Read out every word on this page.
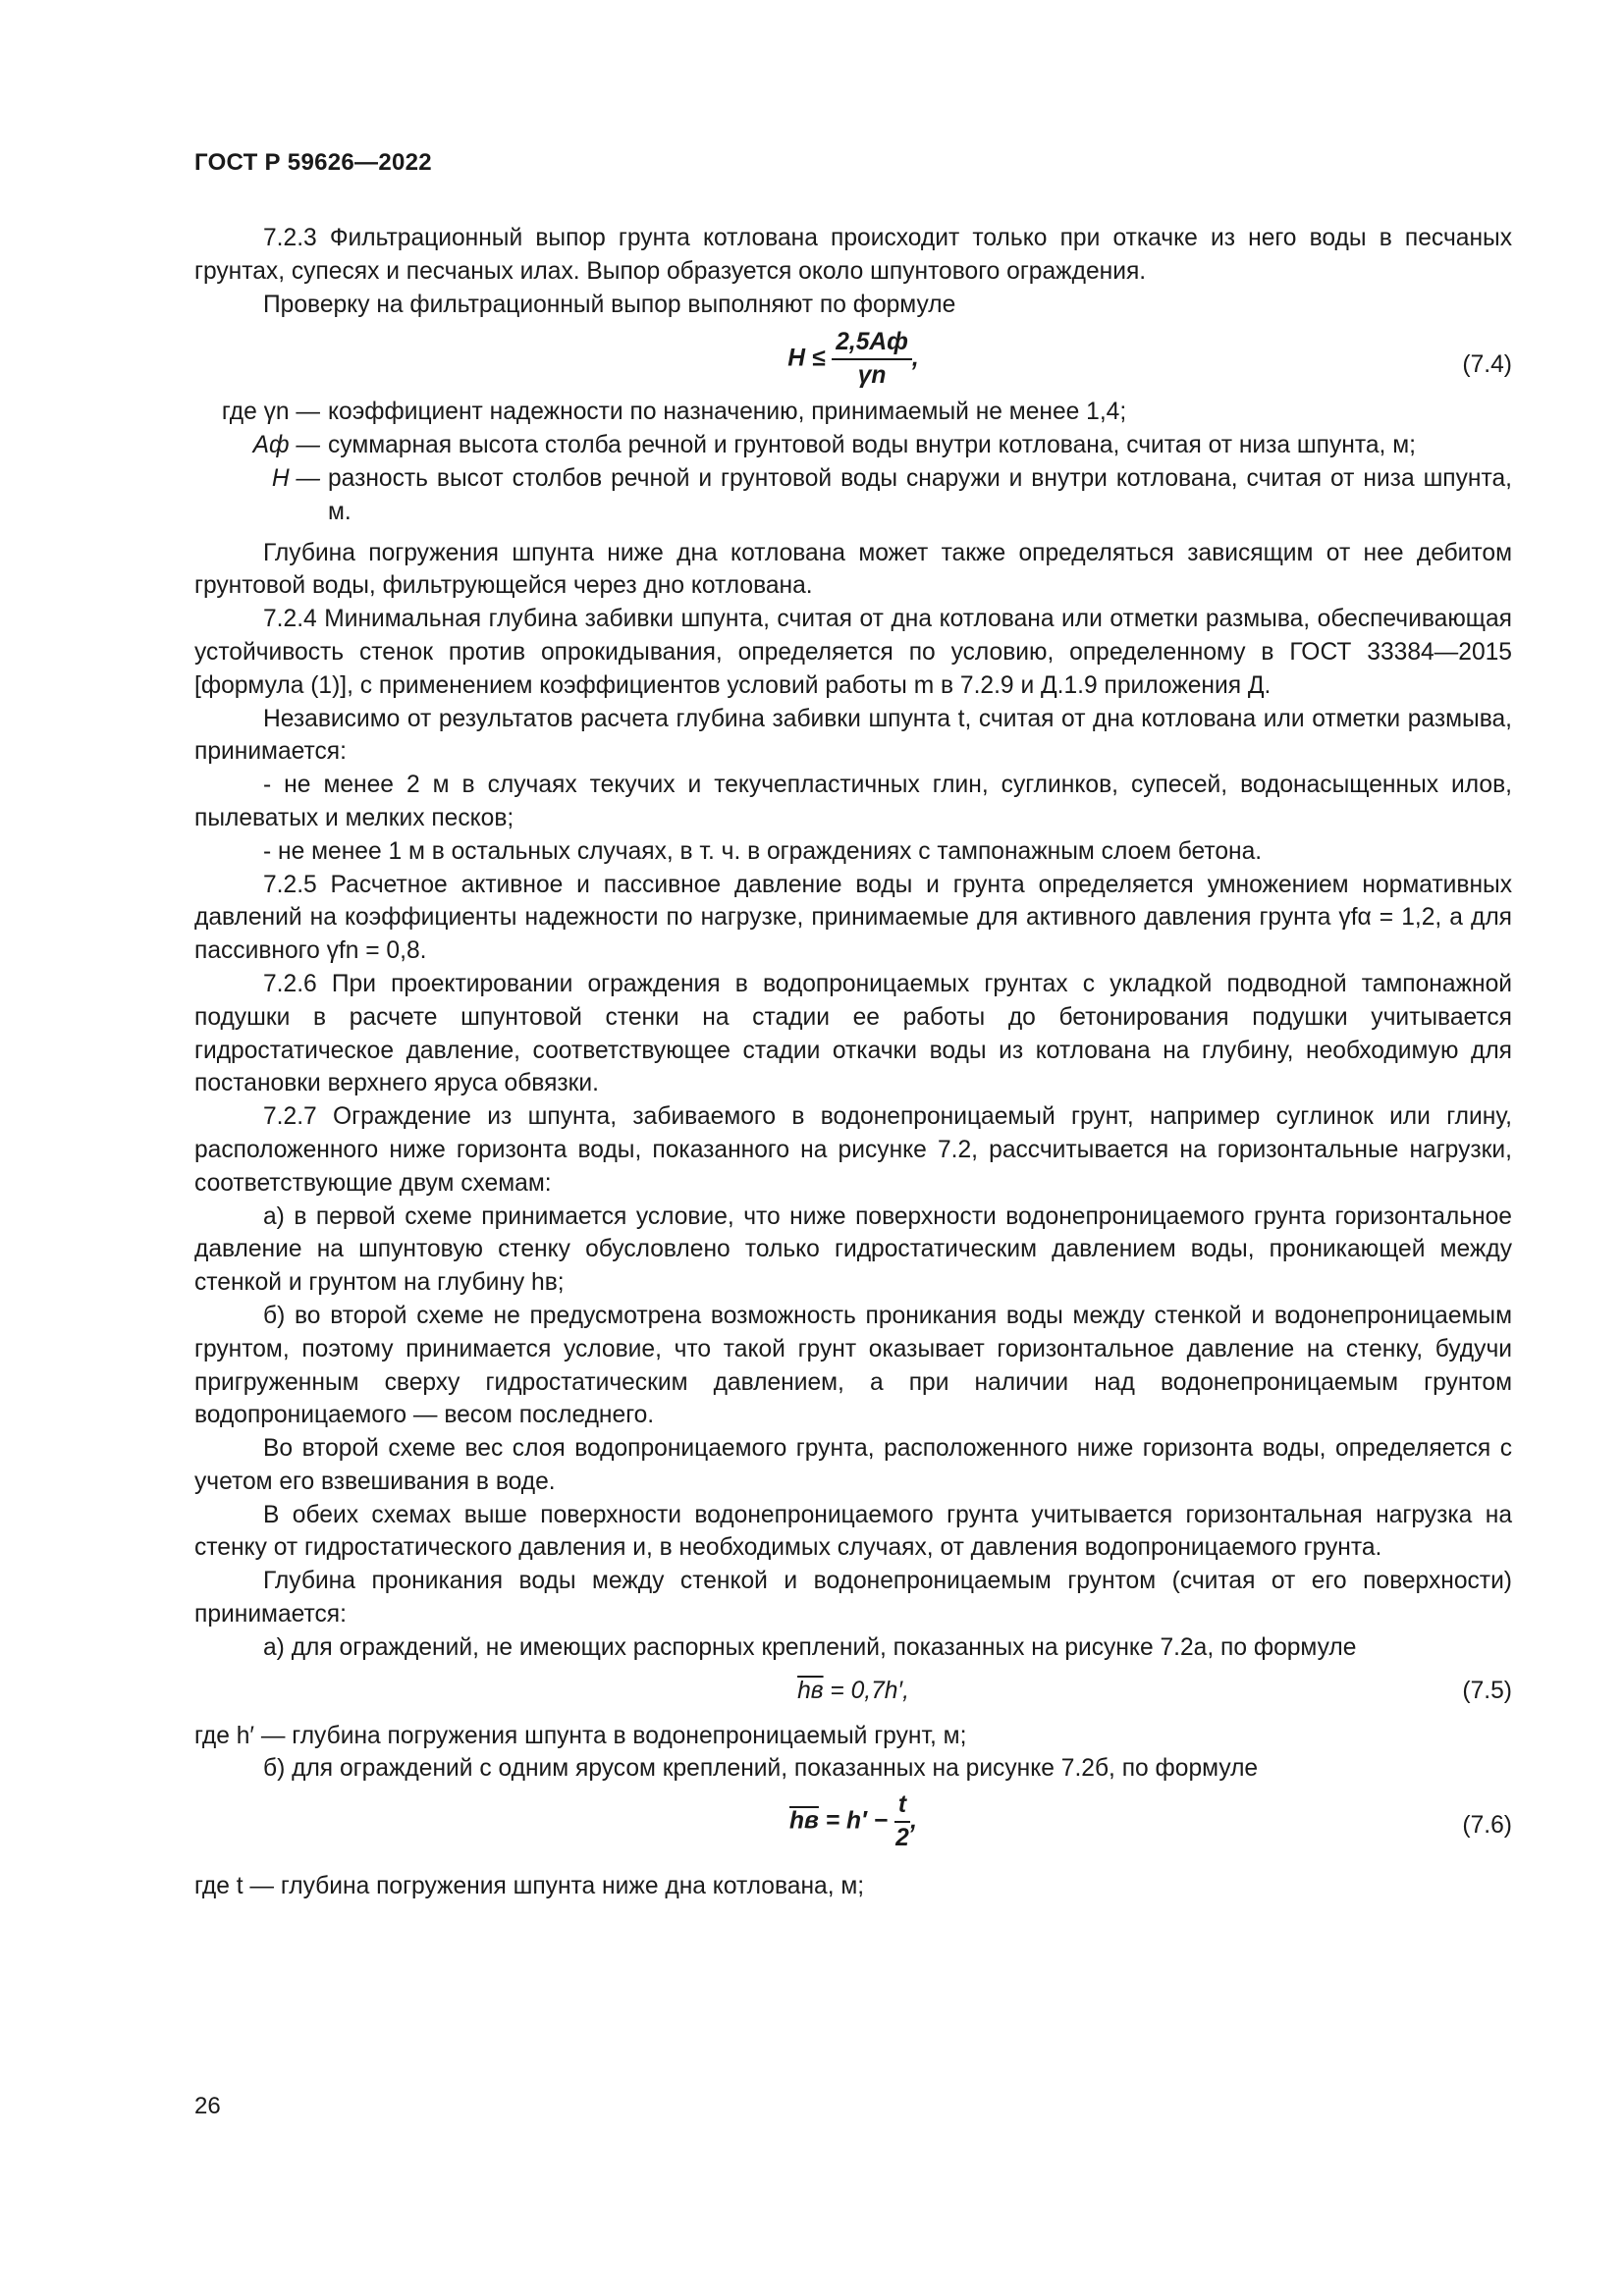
ГОСТ Р 59626—2022

7.2.3 Фильтрационный выпор грунта котлована происходит только при откачке из него воды в песчаных грунтах, супесях и песчаных илах. Выпор образуется около шпунтового ограждения.

Проверку на фильтрационный выпор выполняют по формуле

$H \le \frac{2,5Aф}{\gamma n}$ ,	(7.4)
где γn — коэффициент надежности по назначению, принимаемый не менее 1,4;
Aф — суммарная высота столба речной и грунтовой воды внутри котлована, считая от низа шпунта, м;
H — разность высот столбов речной и грунтовой воды снаружи и внутри котлована, считая от низа шпунта, м.

Глубина погружения шпунта ниже дна котлована может также определяться зависящим от нее дебитом грунтовой воды, фильтрующейся через дно котлована.

7.2.4 Минимальная глубина забивки шпунта, считая от дна котлована или отметки размыва, обеспечивающая устойчивость стенок против опрокидывания, определяется по условию, определенному в ГОСТ 33384—2015 [формула (1)], с применением коэффициентов условий работы m в 7.2.9 и Д.1.9 приложения Д.

Независимо от результатов расчета глубина забивки шпунта t, считая от дна котлована или отметки размыва, принимается:

- не менее 2 м в случаях текучих и текучепластичных глин, суглинков, супесей, водонасыщенных илов, пылеватых и мелких песков;

- не менее 1 м в остальных случаях, в т. ч. в ограждениях с тампонажным слоем бетона.

7.2.5 Расчетное активное и пассивное давление воды и грунта определяется умножением нормативных давлений на коэффициенты надежности по нагрузке, принимаемые для активного давления грунта γfα = 1,2, а для пассивного γfn = 0,8.

7.2.6 При проектировании ограждения в водопроницаемых грунтах с укладкой подводной тампонажной подушки в расчете шпунтовой стенки на стадии ее работы до бетонирования подушки учитывается гидростатическое давление, соответствующее стадии откачки воды из котлована на глубину, необходимую для постановки верхнего яруса обвязки.

7.2.7 Ограждение из шпунта, забиваемого в водонепроницаемый грунт, например суглинок или глину, расположенного ниже горизонта воды, показанного на рисунке 7.2, рассчитывается на горизонтальные нагрузки, соответствующие двум схемам:

а) в первой схеме принимается условие, что ниже поверхности водонепроницаемого грунта горизонтальное давление на шпунтовую стенку обусловлено только гидростатическим давлением воды, проникающей между стенкой и грунтом на глубину hв;

б) во второй схеме не предусмотрена возможность проникания воды между стенкой и водонепроницаемым грунтом, поэтому принимается условие, что такой грунт оказывает горизонтальное давление на стенку, будучи пригруженным сверху гидростатическим давлением, а при наличии над водонепроницаемым грунтом водопроницаемого — весом последнего.

Во второй схеме вес слоя водопроницаемого грунта, расположенного ниже горизонта воды, определяется с учетом его взвешивания в воде.

В обеих схемах выше поверхности водонепроницаемого грунта учитывается горизонтальная нагрузка на стенку от гидростатического давления и, в необходимых случаях, от давления водопроницаемого грунта.

Глубина проникания воды между стенкой и водонепроницаемым грунтом (считая от его поверхности) принимается:

а) для ограждений, не имеющих распорных креплений, показанных на рисунке 7.2а, по формуле

hв = 0,7h′,	(7.5)

где h′ — глубина погружения шпунта в водонепроницаемый грунт, м;

б) для ограждений с одним ярусом креплений, показанных на рисунке 7.2б, по формуле

hв = $h' - \frac{t}{2}$ ,	(7.6)

где t — глубина погружения шпунта ниже дна котлована, м;

26
